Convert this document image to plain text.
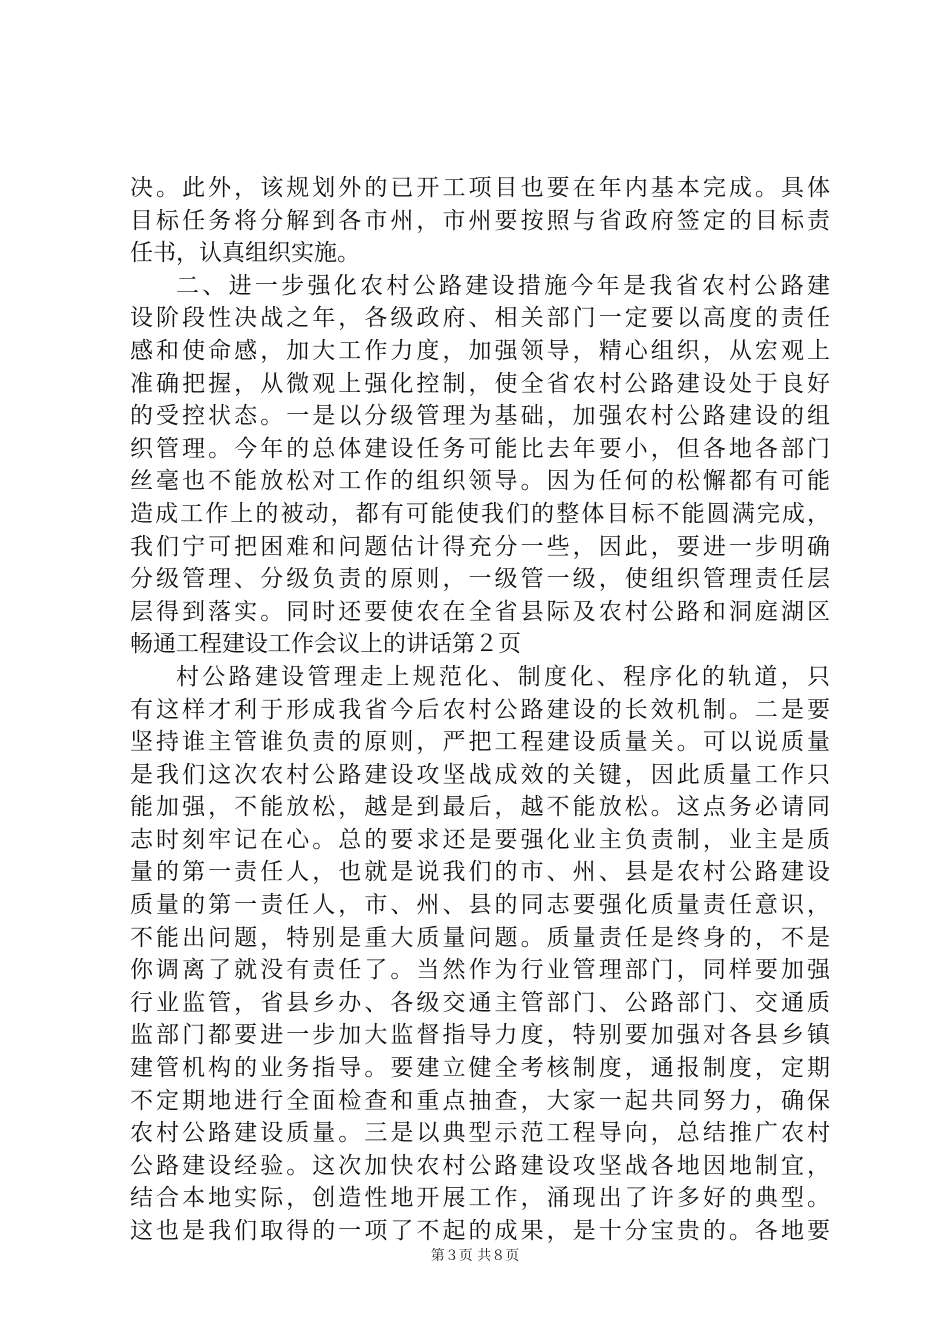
决。此外，该规划外的已开工项目也要在年内基本完成。具体
目标任务将分解到各市州，市州要按照与省政府签定的目标责
任书，认真组织实施。
二、进一步强化农村公路建设措施今年是我省农村公路建
设阶段性决战之年，各级政府、相关部门一定要以高度的责任
感和使命感，加大工作力度，加强领导，精心组织，从宏观上
准确把握，从微观上强化控制，使全省农村公路建设处于良好
的受控状态。一是以分级管理为基础，加强农村公路建设的组
织管理。今年的总体建设任务可能比去年要小，但各地各部门
丝毫也不能放松对工作的组织领导。因为任何的松懈都有可能
造成工作上的被动，都有可能使我们的整体目标不能圆满完成，
我们宁可把困难和问题估计得充分一些，因此，要进一步明确
分级管理、分级负责的原则，一级管一级，使组织管理责任层
层得到落实。同时还要使农在全省县际及农村公路和洞庭湖区
畅通工程建设工作会议上的讲话第２页
村公路建设管理走上规范化、制度化、程序化的轨道，只
有这样才利于形成我省今后农村公路建设的长效机制。二是要
坚持谁主管谁负责的原则，严把工程建设质量关。可以说质量
是我们这次农村公路建设攻坚战成效的关键，因此质量工作只
能加强，不能放松，越是到最后，越不能放松。这点务必请同
志时刻牢记在心。总的要求还是要强化业主负责制，业主是质
量的第一责任人，也就是说我们的市、州、县是农村公路建设
质量的第一责任人，市、州、县的同志要强化质量责任意识，
不能出问题，特别是重大质量问题。质量责任是终身的，不是
你调离了就没有责任了。当然作为行业管理部门，同样要加强
行业监管，省县乡办、各级交通主管部门、公路部门、交通质
监部门都要进一步加大监督指导力度，特别要加强对各县乡镇
建管机构的业务指导。要建立健全考核制度，通报制度，定期
不定期地进行全面检查和重点抽查，大家一起共同努力，确保
农村公路建设质量。三是以典型示范工程导向，总结推广农村
公路建设经验。这次加快农村公路建设攻坚战各地因地制宜，
结合本地实际，创造性地开展工作，涌现出了许多好的典型。
这也是我们取得的一项了不起的成果，是十分宝贵的。各地要
第３页 共８页
